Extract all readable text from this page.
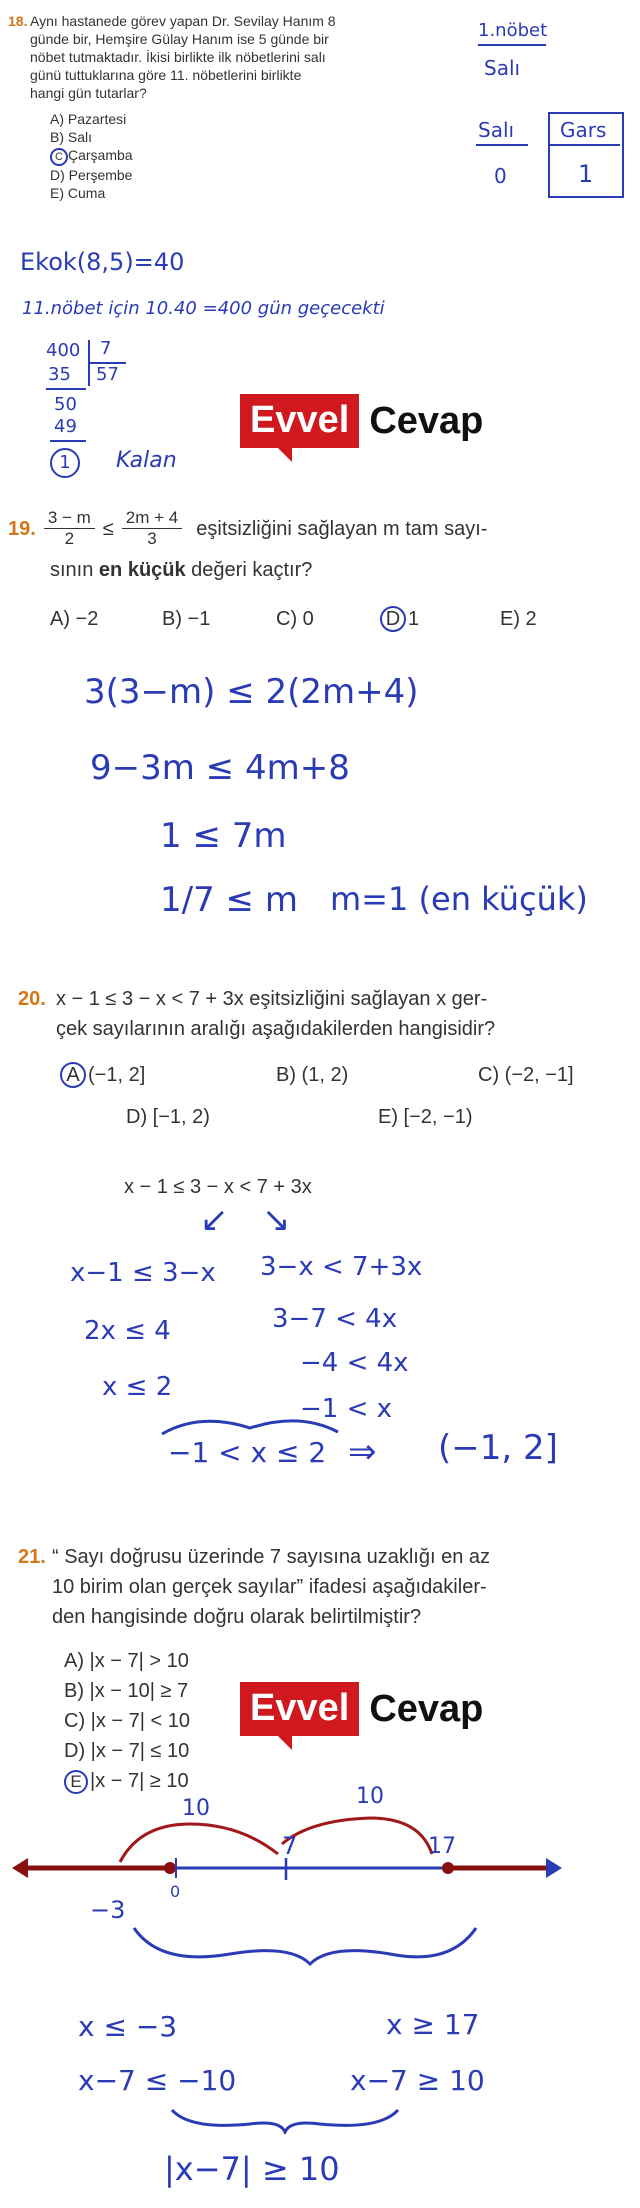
18. Aynı hastanede görev yapan Dr. Sevilay Hanım 8
günde bir, Hemşire Gülay Hanım ise 5 günde bir
nöbet tutmaktadır. İkisi birlikte ilk nöbetlerini salı
günü tuttuklarına göre 11. nöbetlerini birlikte
hangi gün tutarlar?
A) Pazartesi
B) Salı
C Çarşamba
D) Perşembe
E) Cuma
1.nöbet
Salı
Salı
0
Gars
1
Ekok(8,5)=40
11.nöbet için 10.40 =400 gün geçecekti
400 7
57
35
50
49
1	Kalan
Evvel Cevap
19. $\frac{3 - m}{2} \le \frac{2m + 4}{3}$ eşitsizliğini sağlayan m tam sayı-
sının en küçük değeri kaçtır?
A) −2	B) −1	C) 0	D 1	E) 2
3(3−m) ≤ 2(2m+4)
9−3m ≤ 4m+8
1 ≤ 7m
1/7 ≤ m m=1 (en küçük)
20. x − 1 ≤ 3 − x < 7 + 3x eşitsizliğini sağlayan x ger-
çek sayılarının aralığı aşağıdakilerden hangisidir?
A (−1, 2]	B) (1, 2)	C) (−2, −1]
D) [−1, 2)	E) [−2, −1)
x − 1 ≤ 3 − x < 7 + 3x
↙ ↘
x−1 ≤ 3−x
2x ≤ 4
x ≤ 2
3−x < 7+3x
3−7 < 4x
−4 < 4x
−1 < x
−1 < x ≤ 2 ⇒ (−1, 2]
21. “ Sayı doğrusu üzerinde 7 sayısına uzaklığı en az
10 birim olan gerçek sayılar” ifadesi aşağıdakiler-
den hangisinde doğru olarak belirtilmiştir?
A) |x − 7| > 10
B) |x − 10| ≥ 7
C) |x − 7| < 10
D) |x − 7| ≤ 10
E |x − 7| ≥ 10
Evvel Cevap
10	10
7	17
0
−3
x ≤ −3
x−7 ≤ −10
x ≥ 17
x−7 ≥ 10
|x−7| ≥ 10
